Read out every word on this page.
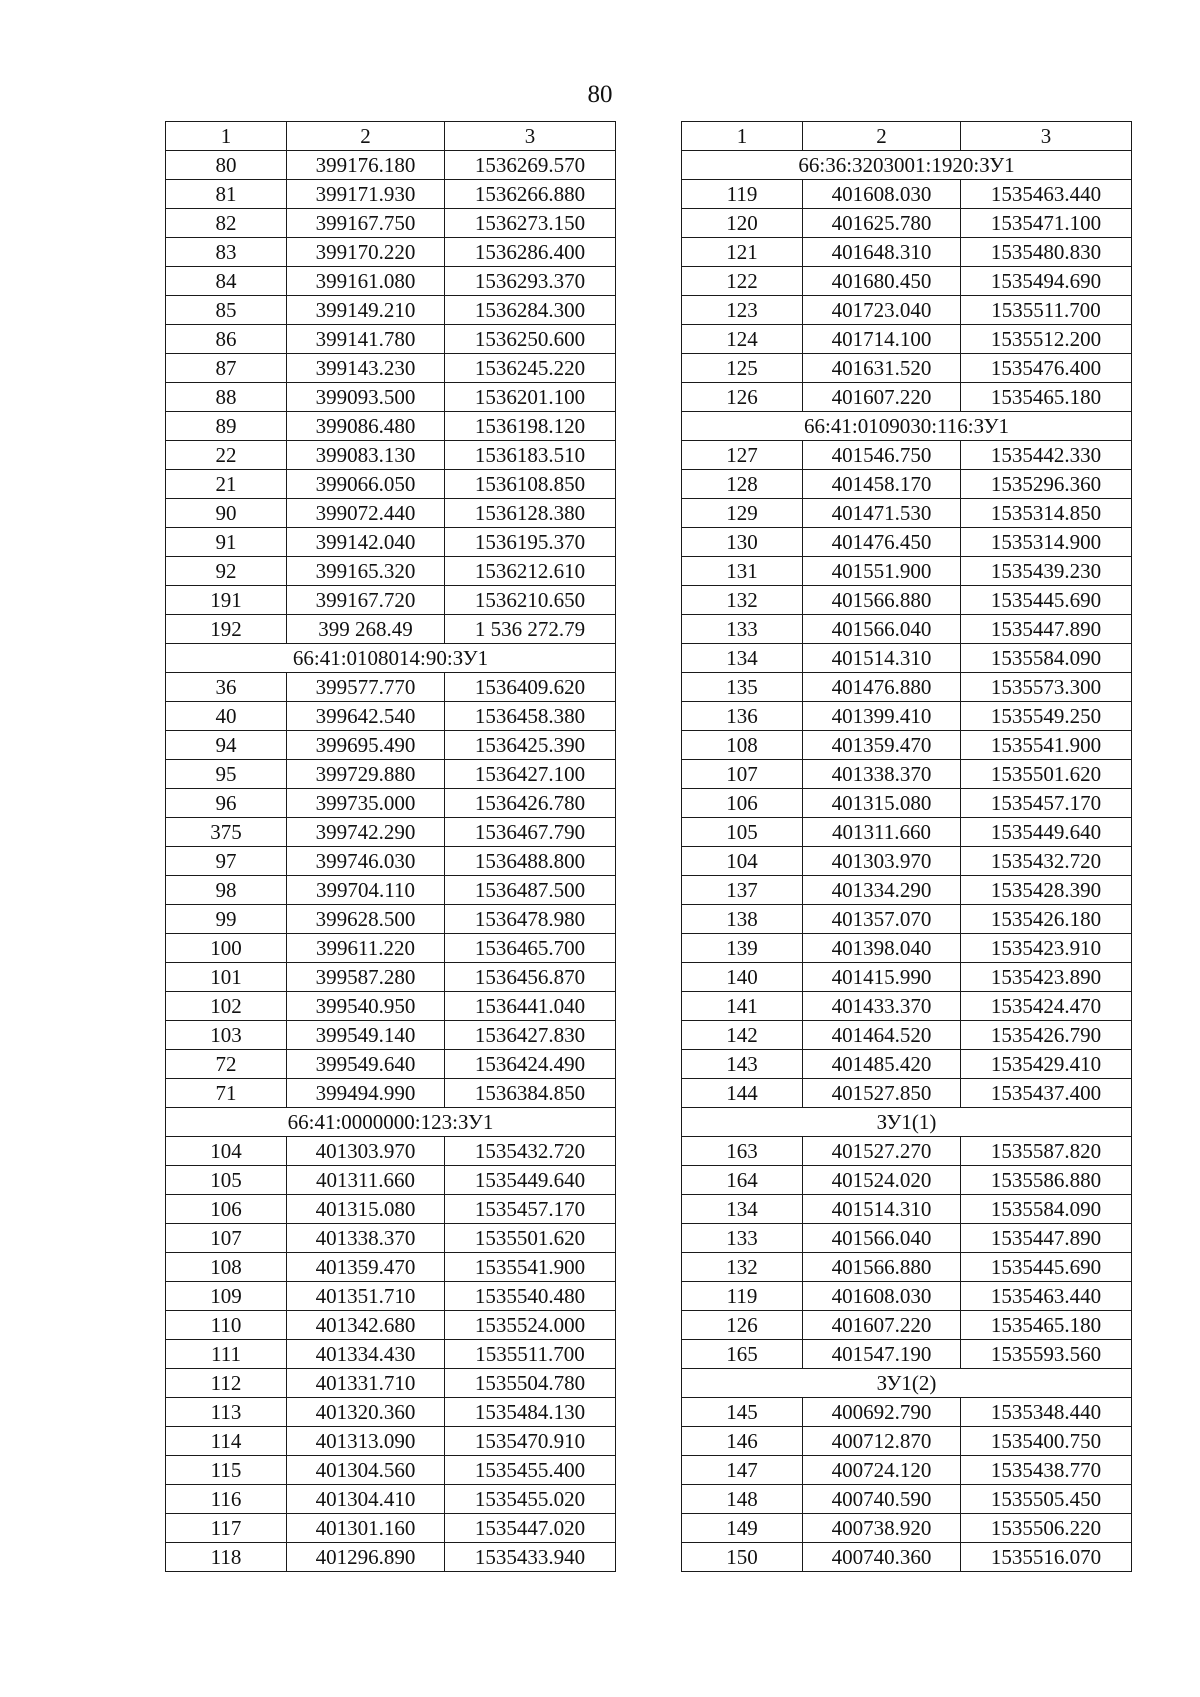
80
1	2	3
80	399176.180	1536269.570
81	399171.930	1536266.880
82	399167.750	1536273.150
83	399170.220	1536286.400
84	399161.080	1536293.370
85	399149.210	1536284.300
86	399141.780	1536250.600
87	399143.230	1536245.220
88	399093.500	1536201.100
89	399086.480	1536198.120
22	399083.130	1536183.510
21	399066.050	1536108.850
90	399072.440	1536128.380
91	399142.040	1536195.370
92	399165.320	1536212.610
191	399167.720	1536210.650
192	399 268.49	1 536 272.79
66:41:0108014:90:ЗУ1		
36	399577.770	1536409.620
40	399642.540	1536458.380
94	399695.490	1536425.390
95	399729.880	1536427.100
96	399735.000	1536426.780
375	399742.290	1536467.790
97	399746.030	1536488.800
98	399704.110	1536487.500
99	399628.500	1536478.980
100	399611.220	1536465.700
101	399587.280	1536456.870
102	399540.950	1536441.040
103	399549.140	1536427.830
72	399549.640	1536424.490
71	399494.990	1536384.850
66:41:0000000:123:ЗУ1		
104	401303.970	1535432.720
105	401311.660	1535449.640
106	401315.080	1535457.170
107	401338.370	1535501.620
108	401359.470	1535541.900
109	401351.710	1535540.480
110	401342.680	1535524.000
111	401334.430	1535511.700
112	401331.710	1535504.780
113	401320.360	1535484.130
114	401313.090	1535470.910
115	401304.560	1535455.400
116	401304.410	1535455.020
117	401301.160	1535447.020
118	401296.890	1535433.940
1	2	3
66:36:3203001:1920:ЗУ1		
119	401608.030	1535463.440
120	401625.780	1535471.100
121	401648.310	1535480.830
122	401680.450	1535494.690
123	401723.040	1535511.700
124	401714.100	1535512.200
125	401631.520	1535476.400
126	401607.220	1535465.180
66:41:0109030:116:ЗУ1		
127	401546.750	1535442.330
128	401458.170	1535296.360
129	401471.530	1535314.850
130	401476.450	1535314.900
131	401551.900	1535439.230
132	401566.880	1535445.690
133	401566.040	1535447.890
134	401514.310	1535584.090
135	401476.880	1535573.300
136	401399.410	1535549.250
108	401359.470	1535541.900
107	401338.370	1535501.620
106	401315.080	1535457.170
105	401311.660	1535449.640
104	401303.970	1535432.720
137	401334.290	1535428.390
138	401357.070	1535426.180
139	401398.040	1535423.910
140	401415.990	1535423.890
141	401433.370	1535424.470
142	401464.520	1535426.790
143	401485.420	1535429.410
144	401527.850	1535437.400
ЗУ1(1)		
163	401527.270	1535587.820
164	401524.020	1535586.880
134	401514.310	1535584.090
133	401566.040	1535447.890
132	401566.880	1535445.690
119	401608.030	1535463.440
126	401607.220	1535465.180
165	401547.190	1535593.560
ЗУ1(2)		
145	400692.790	1535348.440
146	400712.870	1535400.750
147	400724.120	1535438.770
148	400740.590	1535505.450
149	400738.920	1535506.220
150	400740.360	1535516.070
